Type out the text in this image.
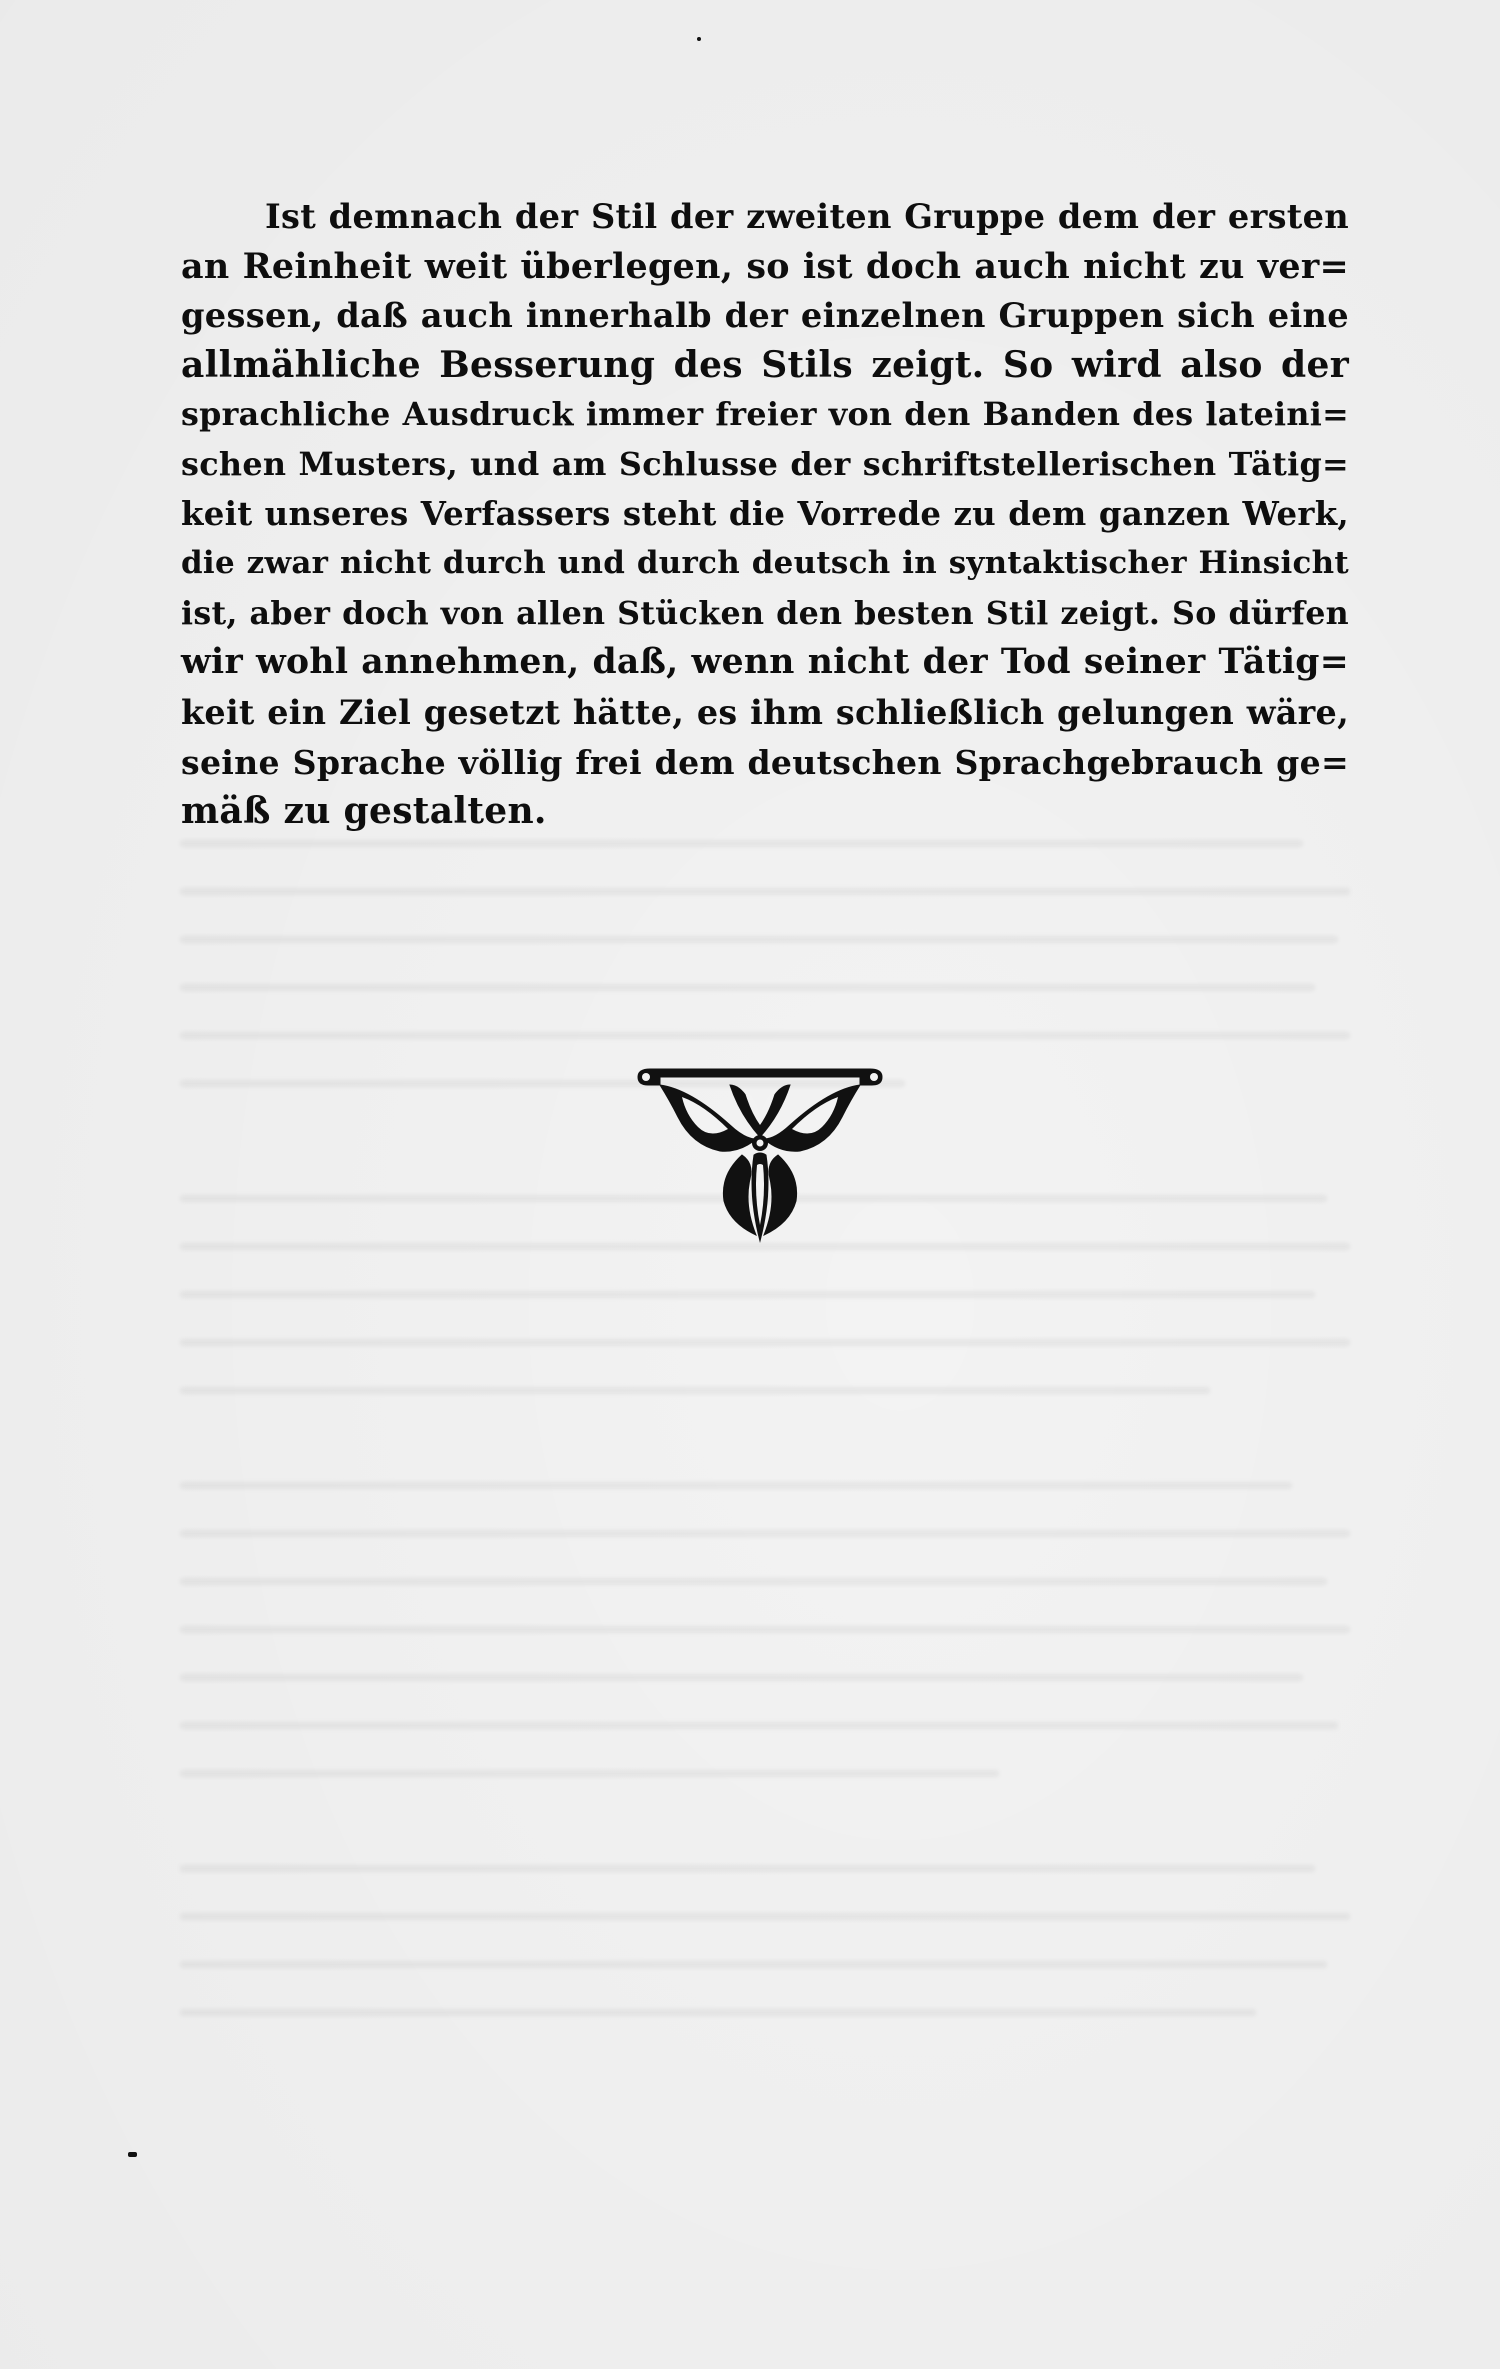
Ist demnach der Stil der zweiten Gruppe dem der ersten
an Reinheit weit überlegen, so ist doch auch nicht zu ver=
gessen, daß auch innerhalb der einzelnen Gruppen sich eine
allmähliche Besserung des Stils zeigt. So wird also der
sprachliche Ausdruck immer freier von den Banden des lateini=
schen Musters, und am Schlusse der schriftstellerischen Tätig=
keit unseres Verfassers steht die Vorrede zu dem ganzen Werk,
die zwar nicht durch und durch deutsch in syntaktischer Hinsicht
ist, aber doch von allen Stücken den besten Stil zeigt. So dürfen
wir wohl annehmen, daß, wenn nicht der Tod seiner Tätig=
keit ein Ziel gesetzt hätte, es ihm schließlich gelungen wäre,
seine Sprache völlig frei dem deutschen Sprachgebrauch ge=
mäß zu gestalten.
